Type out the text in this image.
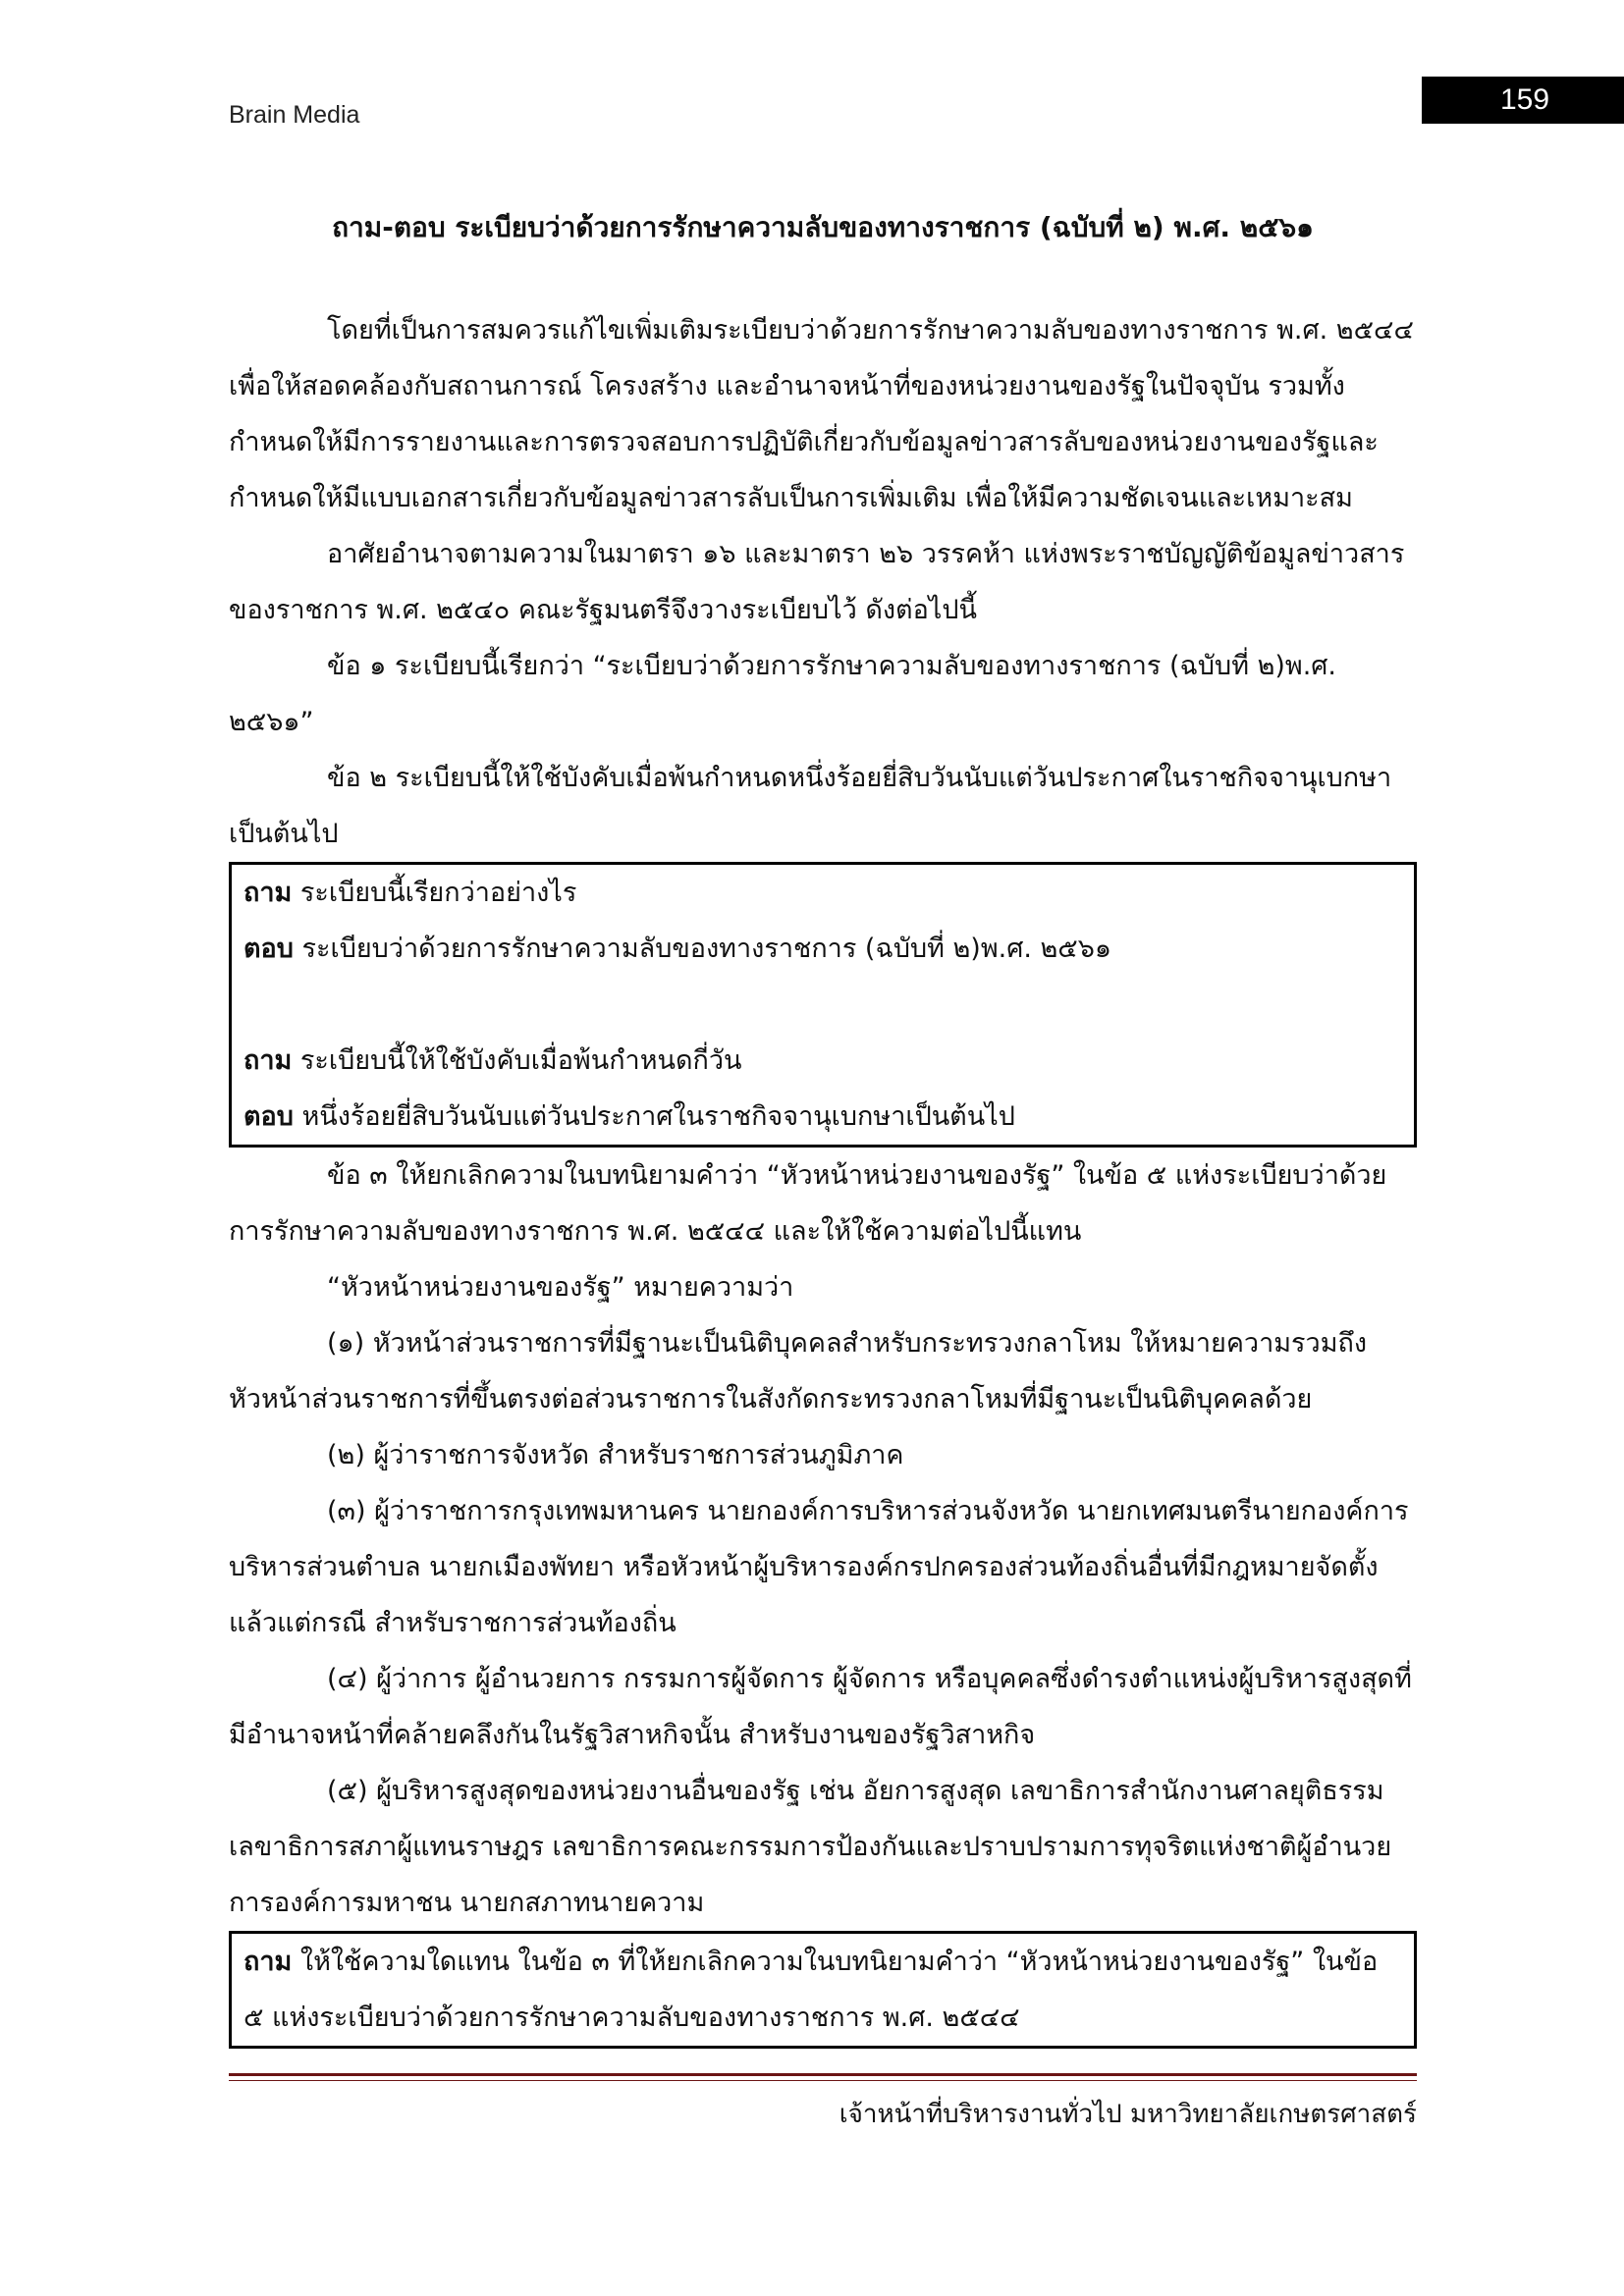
Brain Media	159
ถาม-ตอบ ระเบียบว่าด้วยการรักษาความลับของทางราชการ (ฉบับที่ ๒) พ.ศ. ๒๕๖๑

โดยที่เป็นการสมควรแก้ไขเพิ่มเติมระเบียบว่าด้วยการรักษาความลับของทางราชการ พ.ศ. ๒๕๔๔ เพื่อให้สอดคล้องกับสถานการณ์ โครงสร้าง และอำนาจหน้าที่ของหน่วยงานของรัฐในปัจจุบัน รวมทั้งกำหนดให้มีการรายงานและการตรวจสอบการปฏิบัติเกี่ยวกับข้อมูลข่าวสารลับของหน่วยงานของรัฐและกำหนดให้มีแบบเอกสารเกี่ยวกับข้อมูลข่าวสารลับเป็นการเพิ่มเติม เพื่อให้มีความชัดเจนและเหมาะสม

อาศัยอำนาจตามความในมาตรา ๑๖ และมาตรา ๒๖ วรรคห้า แห่งพระราชบัญญัติข้อมูลข่าวสารของราชการ พ.ศ. ๒๕๔๐ คณะรัฐมนตรีจึงวางระเบียบไว้ ดังต่อไปนี้

ข้อ ๑ ระเบียบนี้เรียกว่า “ระเบียบว่าด้วยการรักษาความลับของทางราชการ (ฉบับที่ ๒)พ.ศ. ๒๕๖๑”

ข้อ ๒ ระเบียบนี้ให้ใช้บังคับเมื่อพ้นกำหนดหนึ่งร้อยยี่สิบวันนับแต่วันประกาศในราชกิจจานุเบกษาเป็นต้นไป

ถาม ระเบียบนี้เรียกว่าอย่างไร

ตอบ ระเบียบว่าด้วยการรักษาความลับของทางราชการ (ฉบับที่ ๒)พ.ศ. ๒๕๖๑

ถาม ระเบียบนี้ให้ใช้บังคับเมื่อพ้นกำหนดกี่วัน

ตอบ หนึ่งร้อยยี่สิบวันนับแต่วันประกาศในราชกิจจานุเบกษาเป็นต้นไป

ข้อ ๓ ให้ยกเลิกความในบทนิยามคำว่า “หัวหน้าหน่วยงานของรัฐ” ในข้อ ๕ แห่งระเบียบว่าด้วยการรักษาความลับของทางราชการ พ.ศ. ๒๕๔๔ และให้ใช้ความต่อไปนี้แทน

“หัวหน้าหน่วยงานของรัฐ” หมายความว่า

(๑) หัวหน้าส่วนราชการที่มีฐานะเป็นนิติบุคคลสำหรับกระทรวงกลาโหม ให้หมายความรวมถึงหัวหน้าส่วนราชการที่ขึ้นตรงต่อส่วนราชการในสังกัดกระทรวงกลาโหมที่มีฐานะเป็นนิติบุคคลด้วย

(๒) ผู้ว่าราชการจังหวัด สำหรับราชการส่วนภูมิภาค

(๓) ผู้ว่าราชการกรุงเทพมหานคร นายกองค์การบริหารส่วนจังหวัด นายกเทศมนตรีนายกองค์การบริหารส่วนตำบล นายกเมืองพัทยา หรือหัวหน้าผู้บริหารองค์กรปกครองส่วนท้องถิ่นอื่นที่มีกฎหมายจัดตั้งแล้วแต่กรณี สำหรับราชการส่วนท้องถิ่น

(๔) ผู้ว่าการ ผู้อำนวยการ กรรมการผู้จัดการ ผู้จัดการ หรือบุคคลซึ่งดำรงตำแหน่งผู้บริหารสูงสุดที่มีอำนาจหน้าที่คล้ายคลึงกันในรัฐวิสาหกิจนั้น สำหรับงานของรัฐวิสาหกิจ

(๕) ผู้บริหารสูงสุดของหน่วยงานอื่นของรัฐ เช่น อัยการสูงสุด เลขาธิการสำนักงานศาลยุติธรรมเลขาธิการสภาผู้แทนราษฎร เลขาธิการคณะกรรมการป้องกันและปราบปรามการทุจริตแห่งชาติผู้อำนวยการองค์การมหาชน นายกสภาทนายความ

ถาม ให้ใช้ความใดแทน ในข้อ ๓ ที่ให้ยกเลิกความในบทนิยามคำว่า “หัวหน้าหน่วยงานของรัฐ” ในข้อ ๕ แห่งระเบียบว่าด้วยการรักษาความลับของทางราชการ พ.ศ. ๒๕๔๔

เจ้าหน้าที่บริหารงานทั่วไป มหาวิทยาลัยเกษตรศาสตร์
